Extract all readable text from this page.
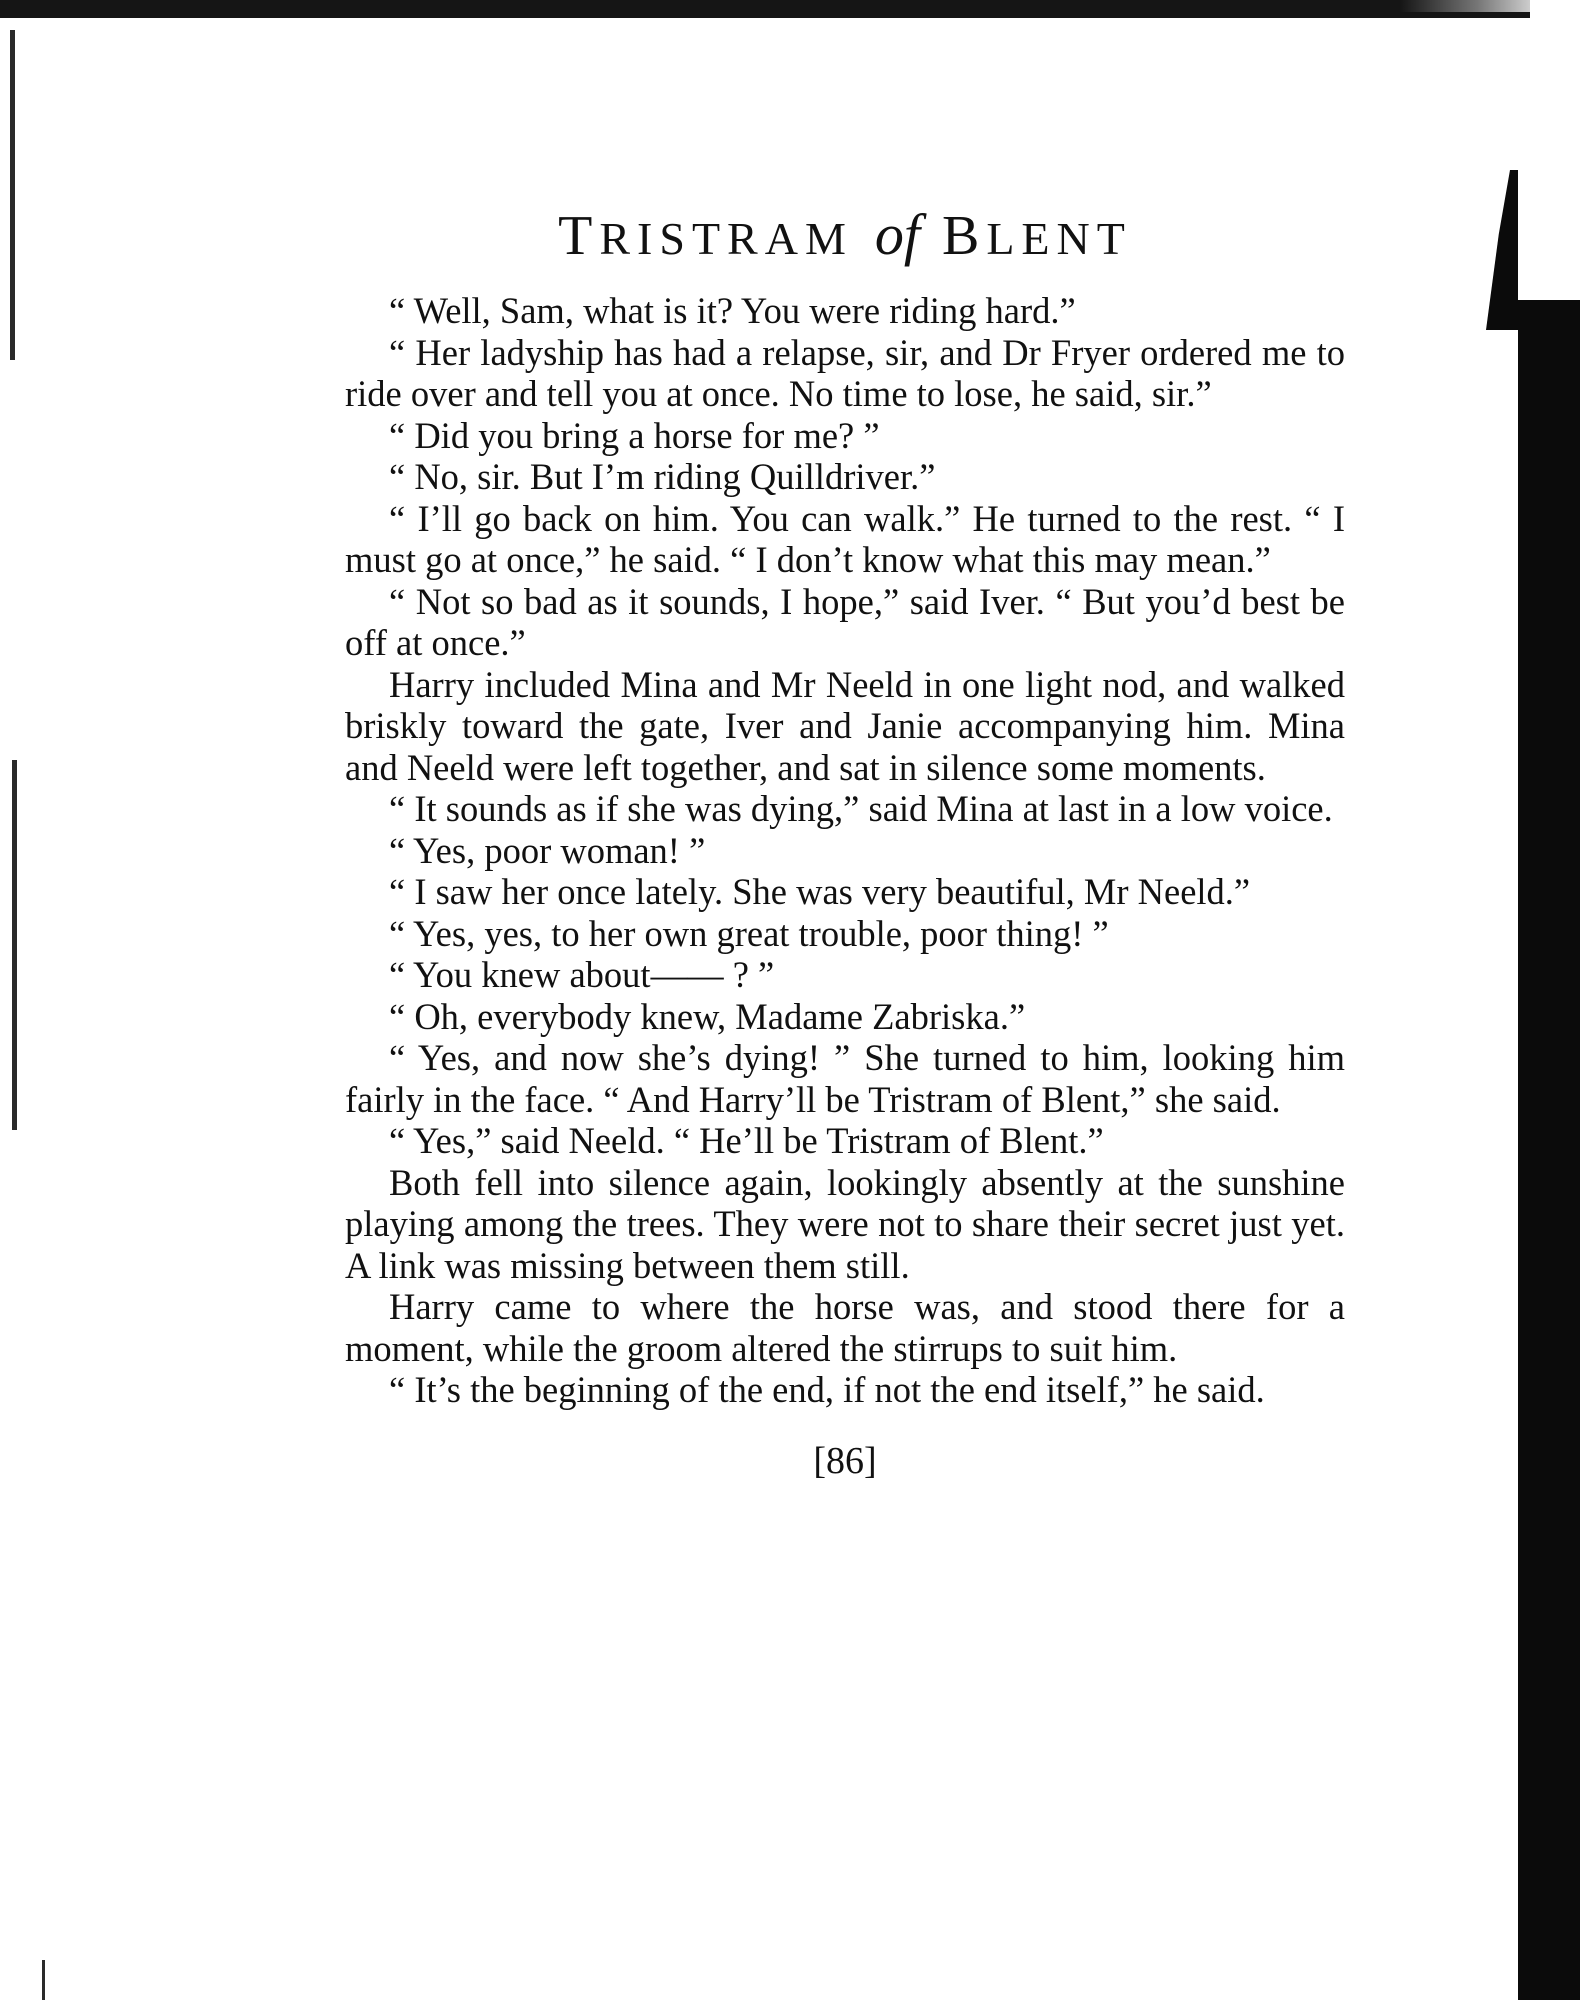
TRISTRAM of BLENT

“ Well, Sam, what is it? You were riding hard.”

“ Her ladyship has had a relapse, sir, and Dr Fryer ordered me to ride over and tell you at once. No time to lose, he said, sir.”

“ Did you bring a horse for me? ”

“ No, sir. But I’m riding Quilldriver.”

“ I’ll go back on him. You can walk.” He turned to the rest. “ I must go at once,” he said. “ I don’t know what this may mean.”

“ Not so bad as it sounds, I hope,” said Iver. “ But you’d best be off at once.”

Harry included Mina and Mr Neeld in one light nod, and walked briskly toward the gate, Iver and Janie accompanying him. Mina and Neeld were left together, and sat in silence some moments.

“ It sounds as if she was dying,” said Mina at last in a low voice.

“ Yes, poor woman! ”

“ I saw her once lately. She was very beautiful, Mr Neeld.”

“ Yes, yes, to her own great trouble, poor thing! ”

“ You knew about—— ? ”

“ Oh, everybody knew, Madame Zabriska.”

“ Yes, and now she’s dying! ” She turned to him, looking him fairly in the face. “ And Harry’ll be Tristram of Blent,” she said.

“ Yes,” said Neeld. “ He’ll be Tristram of Blent.”

Both fell into silence again, lookingly absently at the sunshine playing among the trees. They were not to share their secret just yet. A link was missing between them still.

Harry came to where the horse was, and stood there for a moment, while the groom altered the stirrups to suit him.

“ It’s the beginning of the end, if not the end itself,” he said.

[86]
